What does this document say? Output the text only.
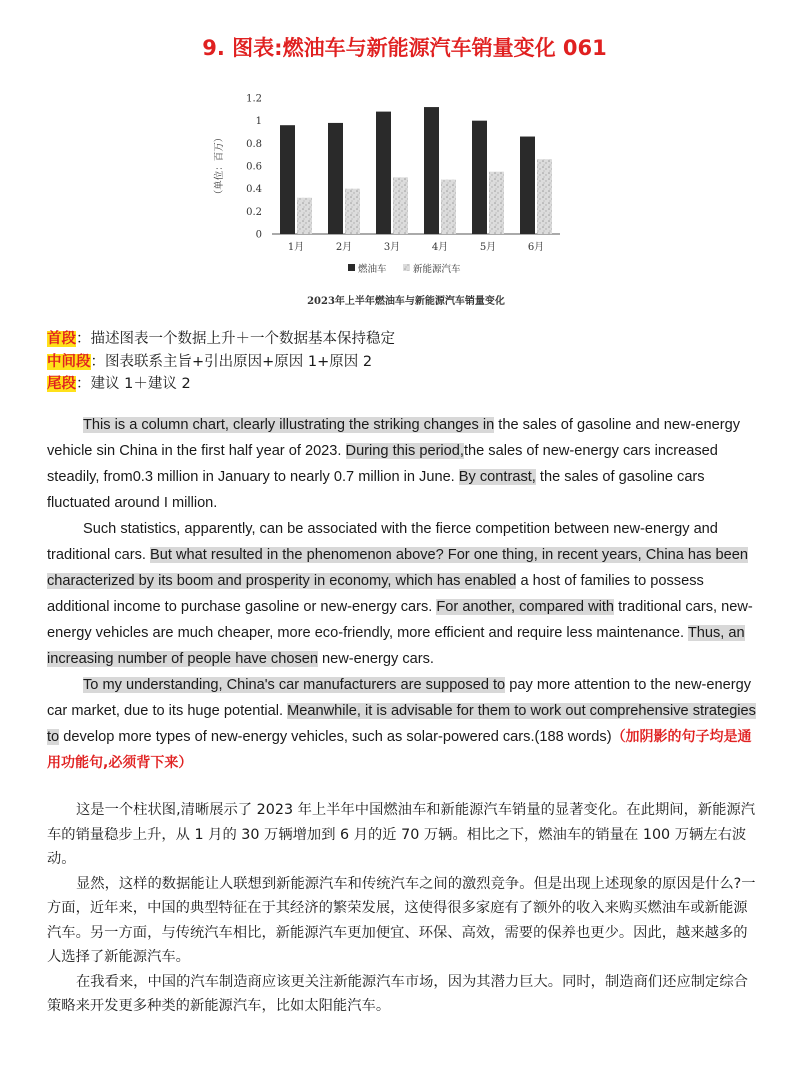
9. 图表:燃油车与新能源汽车销量变化 061
0
0.2
0.4
0.6
0.8
1
1.2
（单位：百万）
1月	2月	3月	4月	5月	6月
燃油车	新能源汽车
2023年上半年燃油车与新能源汽车销量变化
首段：描述图表一个数据上升＋一个数据基本保持稳定
中间段：图表联系主旨+引出原因+原因 1+原因 2
尾段：建议 1＋建议 2

This is a column chart, clearly illustrating the striking changes in the sales of gasoline and new-energy vehicle sin China in the first half year of 2023. During this period,the sales of new-energy cars increased steadily, from0.3 million in January to nearly 0.7 million in June. By contrast, the sales of gasoline cars fluctuated around I million.

Such statistics, apparently, can be associated with the fierce competition between new-energy and traditional cars. But what resulted in the phenomenon above? For one thing, in recent years, China has been characterized by its boom and prosperity in economy, which has enabled a host of families to possess additional income to purchase gasoline or new-energy cars. For another, compared with traditional cars, new-energy vehicles are much cheaper, more eco-friendly, more efficient and require less maintenance. Thus, an increasing number of people have chosen new-energy cars.

To my understanding, China's car manufacturers are supposed to pay more attention to the new-energy car market, due to its huge potential. Meanwhile, it is advisable for them to work out comprehensive strategies to develop more types of new-energy vehicles, such as solar-powered cars.(188 words)（加阴影的句子均是通用功能句,必须背下来）

这是一个柱状图,清晰展示了 2023 年上半年中国燃油车和新能源汽车销量的显著变化。在此期间，新能源汽车的销量稳步上升，从 1 月的 30 万辆增加到 6 月的近 70 万辆。相比之下，燃油车的销量在 100 万辆左右波动。

显然，这样的数据能让人联想到新能源汽车和传统汽车之间的激烈竞争。但是出现上述现象的原因是什么?一方面，近年来，中国的典型特征在于其经济的繁荣发展，这使得很多家庭有了额外的收入来购买燃油车或新能源汽车。另一方面，与传统汽车相比，新能源汽车更加便宜、环保、高效，需要的保养也更少。因此，越来越多的人选择了新能源汽车。

在我看来，中国的汽车制造商应该更关注新能源汽车市场，因为其潜力巨大。同时，制造商们还应制定综合策略来开发更多种类的新能源汽车，比如太阳能汽车。
